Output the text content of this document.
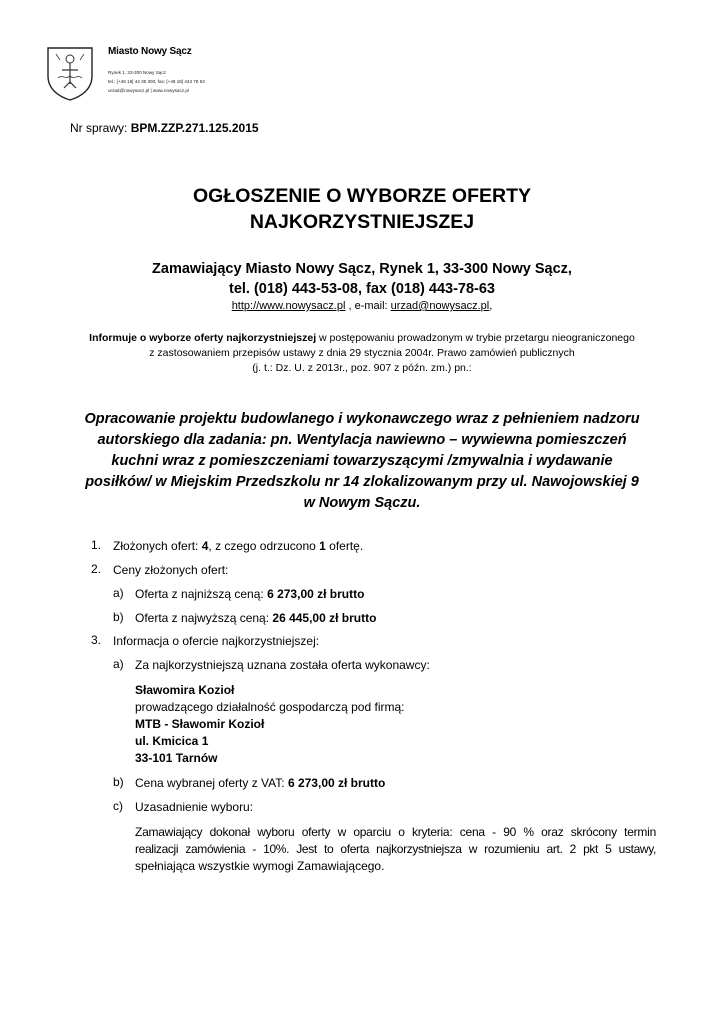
Miasto Nowy Sącz
Rynek 1, 33-300 Nowy Sącz
tel.: [+48 18] 44 35 300, fax: [+48 18] 443 78 63
urzad@nowysacz.pl | www.nowysacz.pl
Nr sprawy: BPM.ZZP.271.125.2015
OGŁOSZENIE O WYBORZE OFERTY
NAJKORZYSTNIEJSZEJ
Zamawiający Miasto Nowy Sącz, Rynek 1, 33-300 Nowy Sącz,
tel. (018) 443-53-08, fax (018) 443-78-63
http://www.nowysacz.pl , e-mail: urzad@nowysacz.pl,
Informuje o wyborze oferty najkorzystniejszej w postępowaniu prowadzonym w trybie przetargu nieograniczonego
z zastosowaniem przepisów ustawy z dnia 29 stycznia 2004r. Prawo zamówień publicznych
(j. t.: Dz. U. z 2013r., poz. 907 z późn. zm.) pn.:
Opracowanie projektu budowlanego i wykonawczego wraz z pełnieniem nadzoru
autorskiego dla zadania: pn. Wentylacja nawiewno – wywiewna pomieszczeń
kuchni wraz z pomieszczeniami towarzyszącymi /zmywalnia i wydawanie
posiłków/ w Miejskim Przedszkolu nr 14 zlokalizowanym przy ul. Nawojowskiej 9
w Nowym Sączu.
1. Złożonych ofert: 4, z czego odrzucono 1 ofertę.
2. Ceny złożonych ofert:
a) Oferta z najniższą ceną: 6 273,00 zł brutto
b) Oferta z najwyższą ceną: 26 445,00 zł brutto
3. Informacja o ofercie najkorzystniejszej:
a) Za najkorzystniejszą uznana została oferta wykonawcy:
Sławomira Kozioł
prowadzącego działalność gospodarczą pod firmą:
MTB - Sławomir Kozioł
ul. Kmicica 1
33-101 Tarnów
b) Cena wybranej oferty z VAT: 6 273,00 zł brutto
c) Uzasadnienie wyboru:
Zamawiający dokonał wyboru oferty w oparciu o kryteria: cena - 90 % oraz skrócony termin
realizacji zamówienia - 10%. Jest to oferta najkorzystniejsza w rozumieniu art. 2 pkt 5 ustawy,
spełniająca wszystkie wymogi Zamawiającego.
